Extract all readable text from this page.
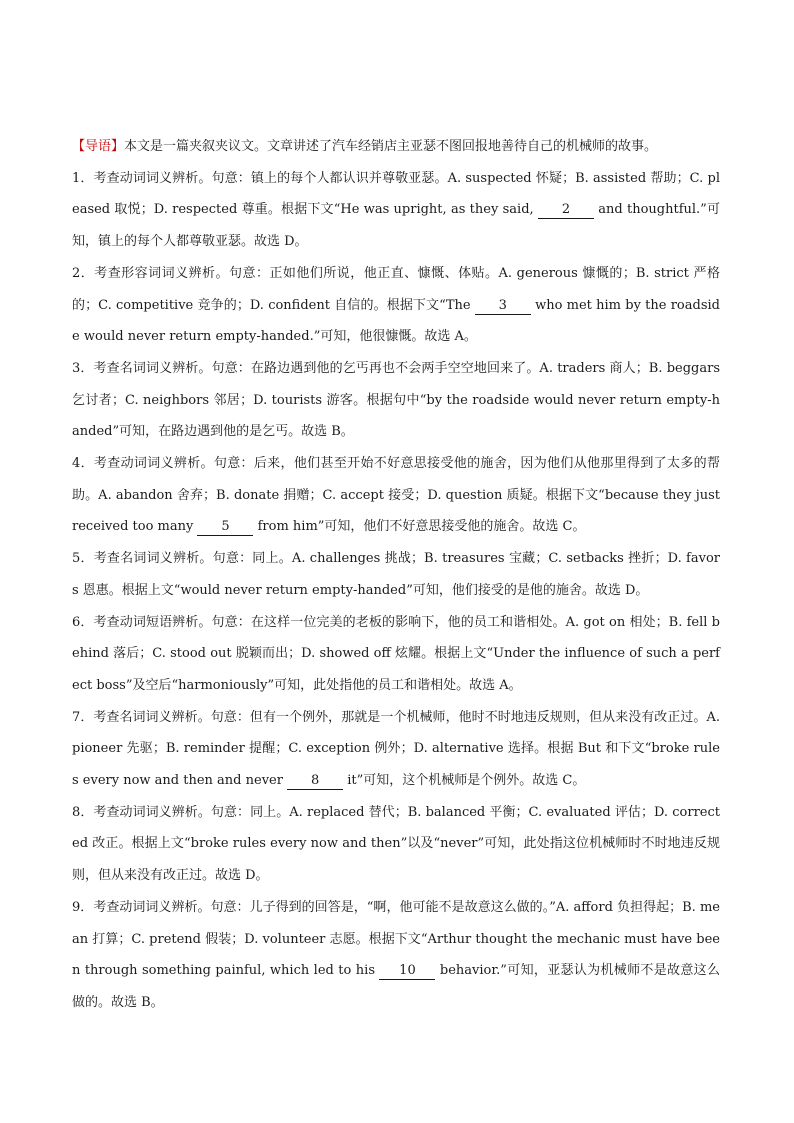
【导语】本文是一篇夹叙夹议文。文章讲述了汽车经销店主亚瑟不图回报地善待自己的机械师的故事。

1．考查动词词义辨析。句意：镇上的每个人都认识并尊敬亚瑟。A. suspected 怀疑；B. assisted 帮助；C. pleased 取悦；D. respected 尊重。根据下文“He was upright, as they said, 2 and thoughtful.”可知，镇上的每个人都尊敬亚瑟。故选 D。

2．考查形容词词义辨析。句意：正如他们所说，他正直、慷慨、体贴。A. generous 慷慨的；B. strict 严格的；C. competitive 竞争的；D. confident 自信的。根据下文“The 3 who met him by the roadside would never return empty-handed.”可知，他很慷慨。故选 A。

3．考查名词词义辨析。句意：在路边遇到他的乞丐再也不会两手空空地回来了。A. traders 商人；B. beggars 乞讨者；C. neighbors 邻居；D. tourists 游客。根据句中“by the roadside would never return empty-handed”可知，在路边遇到他的是乞丐。故选 B。

4．考查动词词义辨析。句意：后来，他们甚至开始不好意思接受他的施舍，因为他们从他那里得到了太多的帮助。A. abandon 舍弃；B. donate 捐赠；C. accept 接受；D. question 质疑。根据下文“because they just received too many 5 from him”可知，他们不好意思接受他的施舍。故选 C。

5．考查名词词义辨析。句意：同上。A. challenges 挑战；B. treasures 宝藏；C. setbacks 挫折；D. favors 恩惠。根据上文“would never return empty-handed”可知，他们接受的是他的施舍。故选 D。

6．考查动词短语辨析。句意：在这样一位完美的老板的影响下，他的员工和谐相处。A. got on 相处；B. fell behind 落后；C. stood out 脱颖而出；D. showed off 炫耀。根据上文“Under the influence of such a perfect boss”及空后“harmoniously”可知，此处指他的员工和谐相处。故选 A。

7．考查名词词义辨析。句意：但有一个例外，那就是一个机械师，他时不时地违反规则，但从来没有改正过。A. pioneer 先驱；B. reminder 提醒；C. exception 例外；D. alternative 选择。根据 But 和下文“broke rules every now and then and never 8 it”可知，这个机械师是个例外。故选 C。

8．考查动词词义辨析。句意：同上。A. replaced 替代；B. balanced 平衡；C. evaluated 评估；D. corrected 改正。根据上文“broke rules every now and then”以及“never”可知，此处指这位机械师时不时地违反规则，但从来没有改正过。故选 D。

9．考查动词词义辨析。句意：儿子得到的回答是，“啊，他可能不是故意这么做的。”A. afford 负担得起；B. mean 打算；C. pretend 假装；D. volunteer 志愿。根据下文“Arthur thought the mechanic must have been through something painful, which led to his 10 behavior.”可知，亚瑟认为机械师不是故意这么做的。故选 B。
